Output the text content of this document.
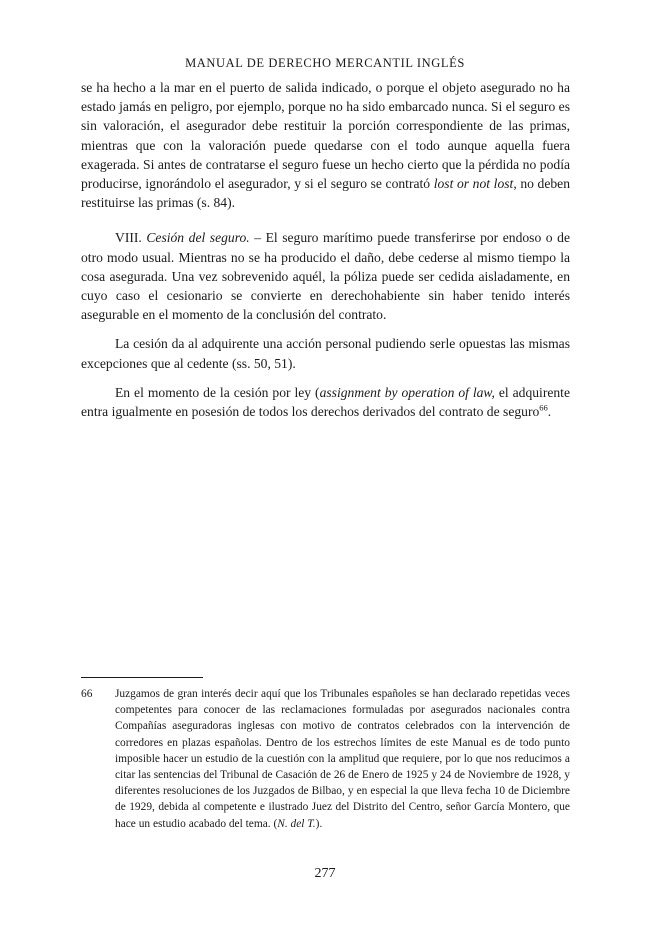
MANUAL DE DERECHO MERCANTIL INGLÉS

se ha hecho a la mar en el puerto de salida indicado, o porque el objeto asegurado no ha estado jamás en peligro, por ejemplo, porque no ha sido embarcado nunca. Si el seguro es sin valoración, el asegurador debe restituir la porción correspondiente de las primas, mientras que con la valoración puede quedarse con el todo aunque aquella fuera exagerada. Si antes de contratarse el seguro fuese un hecho cierto que la pérdida no podía producirse, ignorándolo el asegurador, y si el seguro se contrató lost or not lost, no deben restituirse las primas (s. 84).

VIII. Cesión del seguro. – El seguro marítimo puede transferirse por endoso o de otro modo usual. Mientras no se ha producido el daño, debe cederse al mismo tiempo la cosa asegurada. Una vez sobrevenido aquél, la póliza puede ser cedida aisladamente, en cuyo caso el cesionario se convierte en derechohabiente sin haber tenido interés asegurable en el momento de la conclusión del contrato.

La cesión da al adquirente una acción personal pudiendo serle opuestas las mismas excepciones que al cedente (ss. 50, 51).

En el momento de la cesión por ley (assignment by operation of law, el adquirente entra igualmente en posesión de todos los derechos derivados del contrato de seguro$^{66}$.

66	Juzgamos de gran interés decir aquí que los Tribunales españoles se han declarado repetidas veces competentes para conocer de las reclamaciones formuladas por asegurados nacionales contra Compañías aseguradoras inglesas con motivo de contratos celebrados con la intervención de corredores en plazas españolas. Dentro de los estrechos límites de este Manual es de todo punto imposible hacer un estudio de la cuestión con la amplitud que requiere, por lo que nos reducimos a citar las sentencias del Tribunal de Casación de 26 de Enero de 1925 y 24 de Noviembre de 1928, y diferentes resoluciones de los Juzgados de Bilbao, y en especial la que lleva fecha 10 de Diciembre de 1929, debida al competente e ilustrado Juez del Distrito del Centro, señor García Montero, que hace un estudio acabado del tema. (N. del T.).
277
